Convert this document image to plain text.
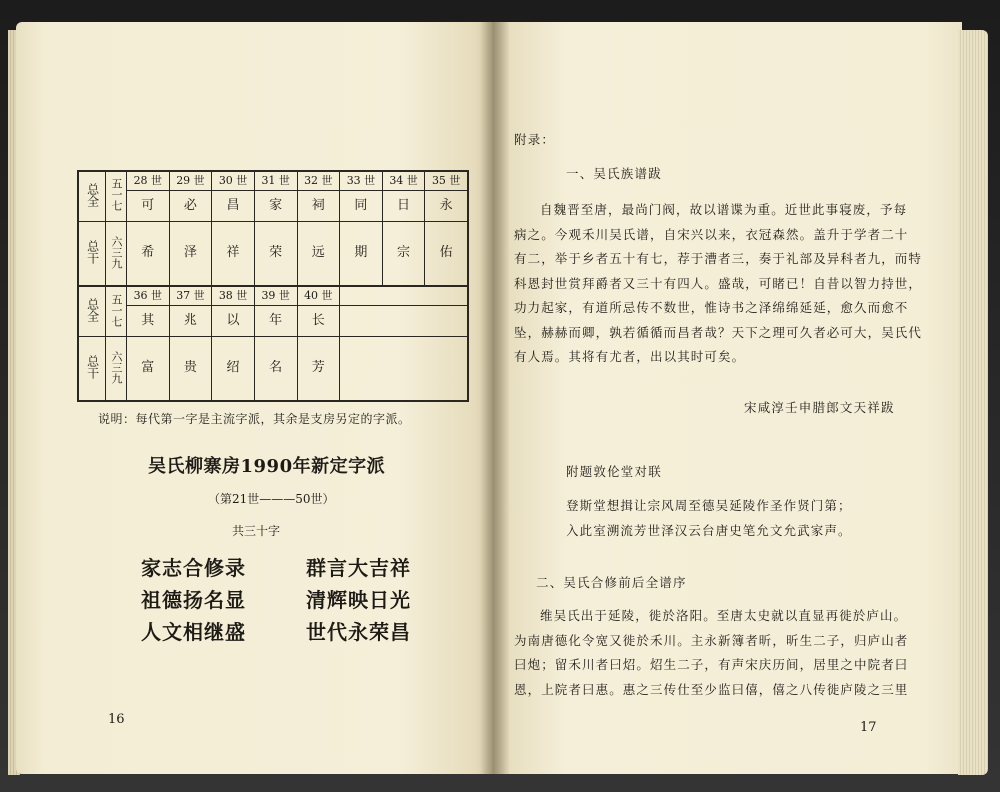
总全	五一七	28 世	29 世	30 世	31 世	32 世	33 世	34 世	35 世
		可	必	昌	家	祠	同	日	永
总干	六三九	希	泽	祥	荣	远	期	宗	佑
总全	五一七	36 世	37 世	38 世	39 世	40 世			
		其	兆	以	年	长			
总干	六三九	富	贵	绍	名	芳			
说明：每代第一字是主流字派，其余是支房另定的字派。
吴氏柳寨房1990年新定字派
（第21世———50世）
共三十字
家志合修录	群言大吉祥
祖德扬名显	清辉映日光
人文相继盛	世代永荣昌
16
附录：
一、吴氏族谱跋

自魏晋至唐，最尚门阀，故以谱谍为重。近世此事寝废，予每

病之。今观禾川吴氏谱，自宋兴以来，衣冠森然。盖升于学者二十

有二，举于乡者五十有七，荐于漕者三，奏于礼部及异科者九，而特

科恩封世赏拜爵者又三十有四人。盛哉，可睹已！自昔以智力持世，

功力起家，有道所忌传不数世，惟诗书之泽绵绵延延，愈久而愈不

坠，赫赫而卿，孰若循循而昌者哉？天下之理可久者必可大，吴氏代

有人焉。其将有尤者，出以其时可矣。

宋咸淳壬申腊郎文天祥跋
附题敦伦堂对联

登斯堂想揖让宗风周至德吴延陵作圣作贤门第；

入此室溯流芳世泽汉云台唐史笔允文允武家声。

二、吴氏合修前后全谱序

维吴氏出于延陵，徙於洛阳。至唐太史就以直显再徙於庐山。

为南唐德化令宽又徙於禾川。主永新簿者昕，昕生二子，归庐山者

曰炮；留禾川者曰炤。炤生二子，有声宋庆历间，居里之中院者曰

恩，上院者曰惠。惠之三传仕至少监曰僖，僖之八传徙庐陵之三里

17
